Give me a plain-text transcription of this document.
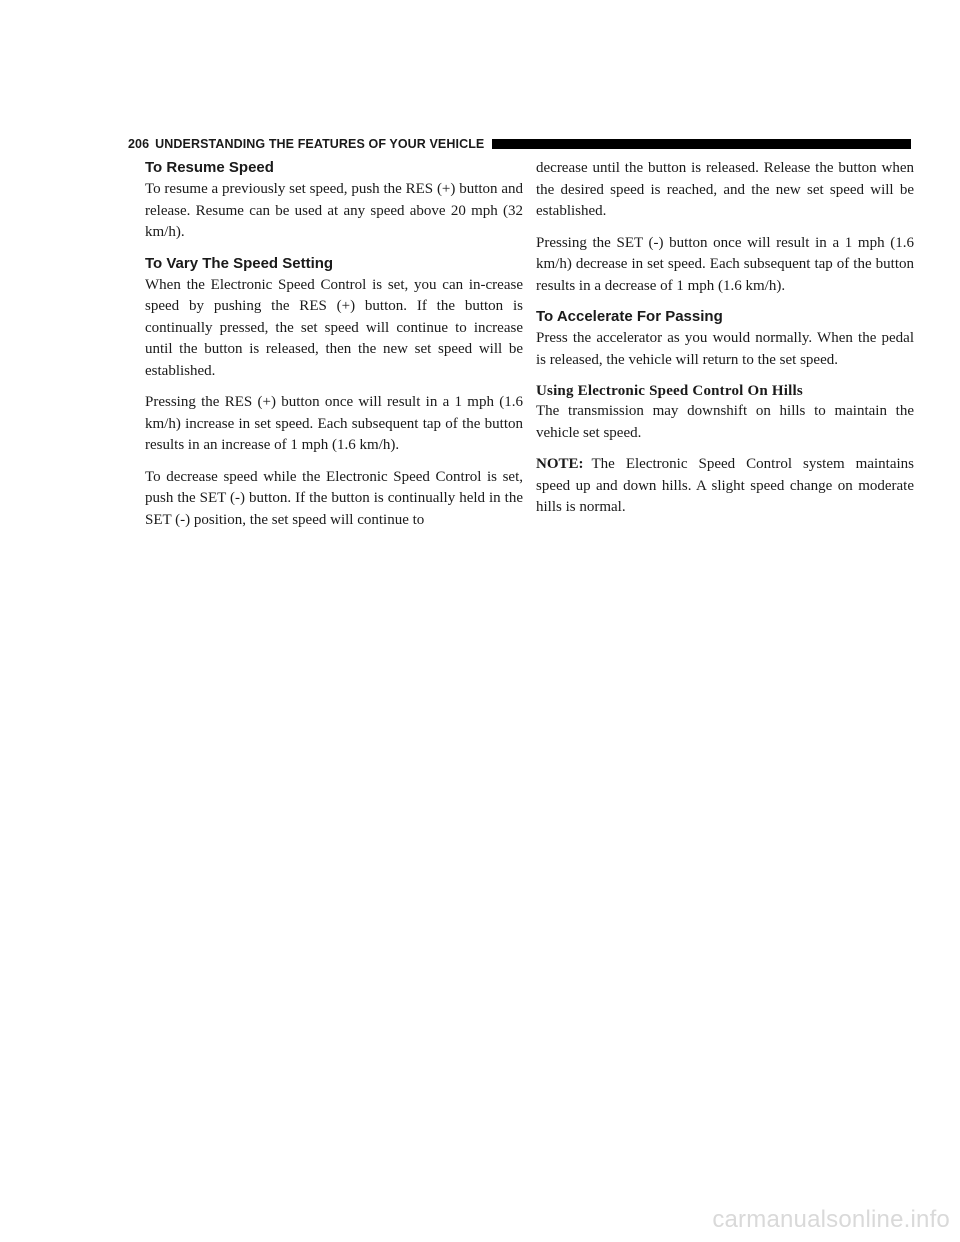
206 UNDERSTANDING THE FEATURES OF YOUR VEHICLE
To Resume Speed

To resume a previously set speed, push the RES (+) button and release. Resume can be used at any speed above 20 mph (32 km/h).

To Vary The Speed Setting

When the Electronic Speed Control is set, you can in-crease speed by pushing the RES (+) button. If the button is continually pressed, the set speed will continue to increase until the button is released, then the new set speed will be established.

Pressing the RES (+) button once will result in a 1 mph (1.6 km/h) increase in set speed. Each subsequent tap of the button results in an increase of 1 mph (1.6 km/h).

To decrease speed while the Electronic Speed Control is set, push the SET (-) button. If the button is continually held in the SET (-) position, the set speed will continue to

decrease until the button is released. Release the button when the desired speed is reached, and the new set speed will be established.

Pressing the SET (-) button once will result in a 1 mph (1.6 km/h) decrease in set speed. Each subsequent tap of the button results in a decrease of 1 mph (1.6 km/h).

To Accelerate For Passing

Press the accelerator as you would normally. When the pedal is released, the vehicle will return to the set speed.

Using Electronic Speed Control On Hills

The transmission may downshift on hills to maintain the vehicle set speed.

NOTE: The Electronic Speed Control system maintains speed up and down hills. A slight speed change on moderate hills is normal.

carmanualsonline.info
